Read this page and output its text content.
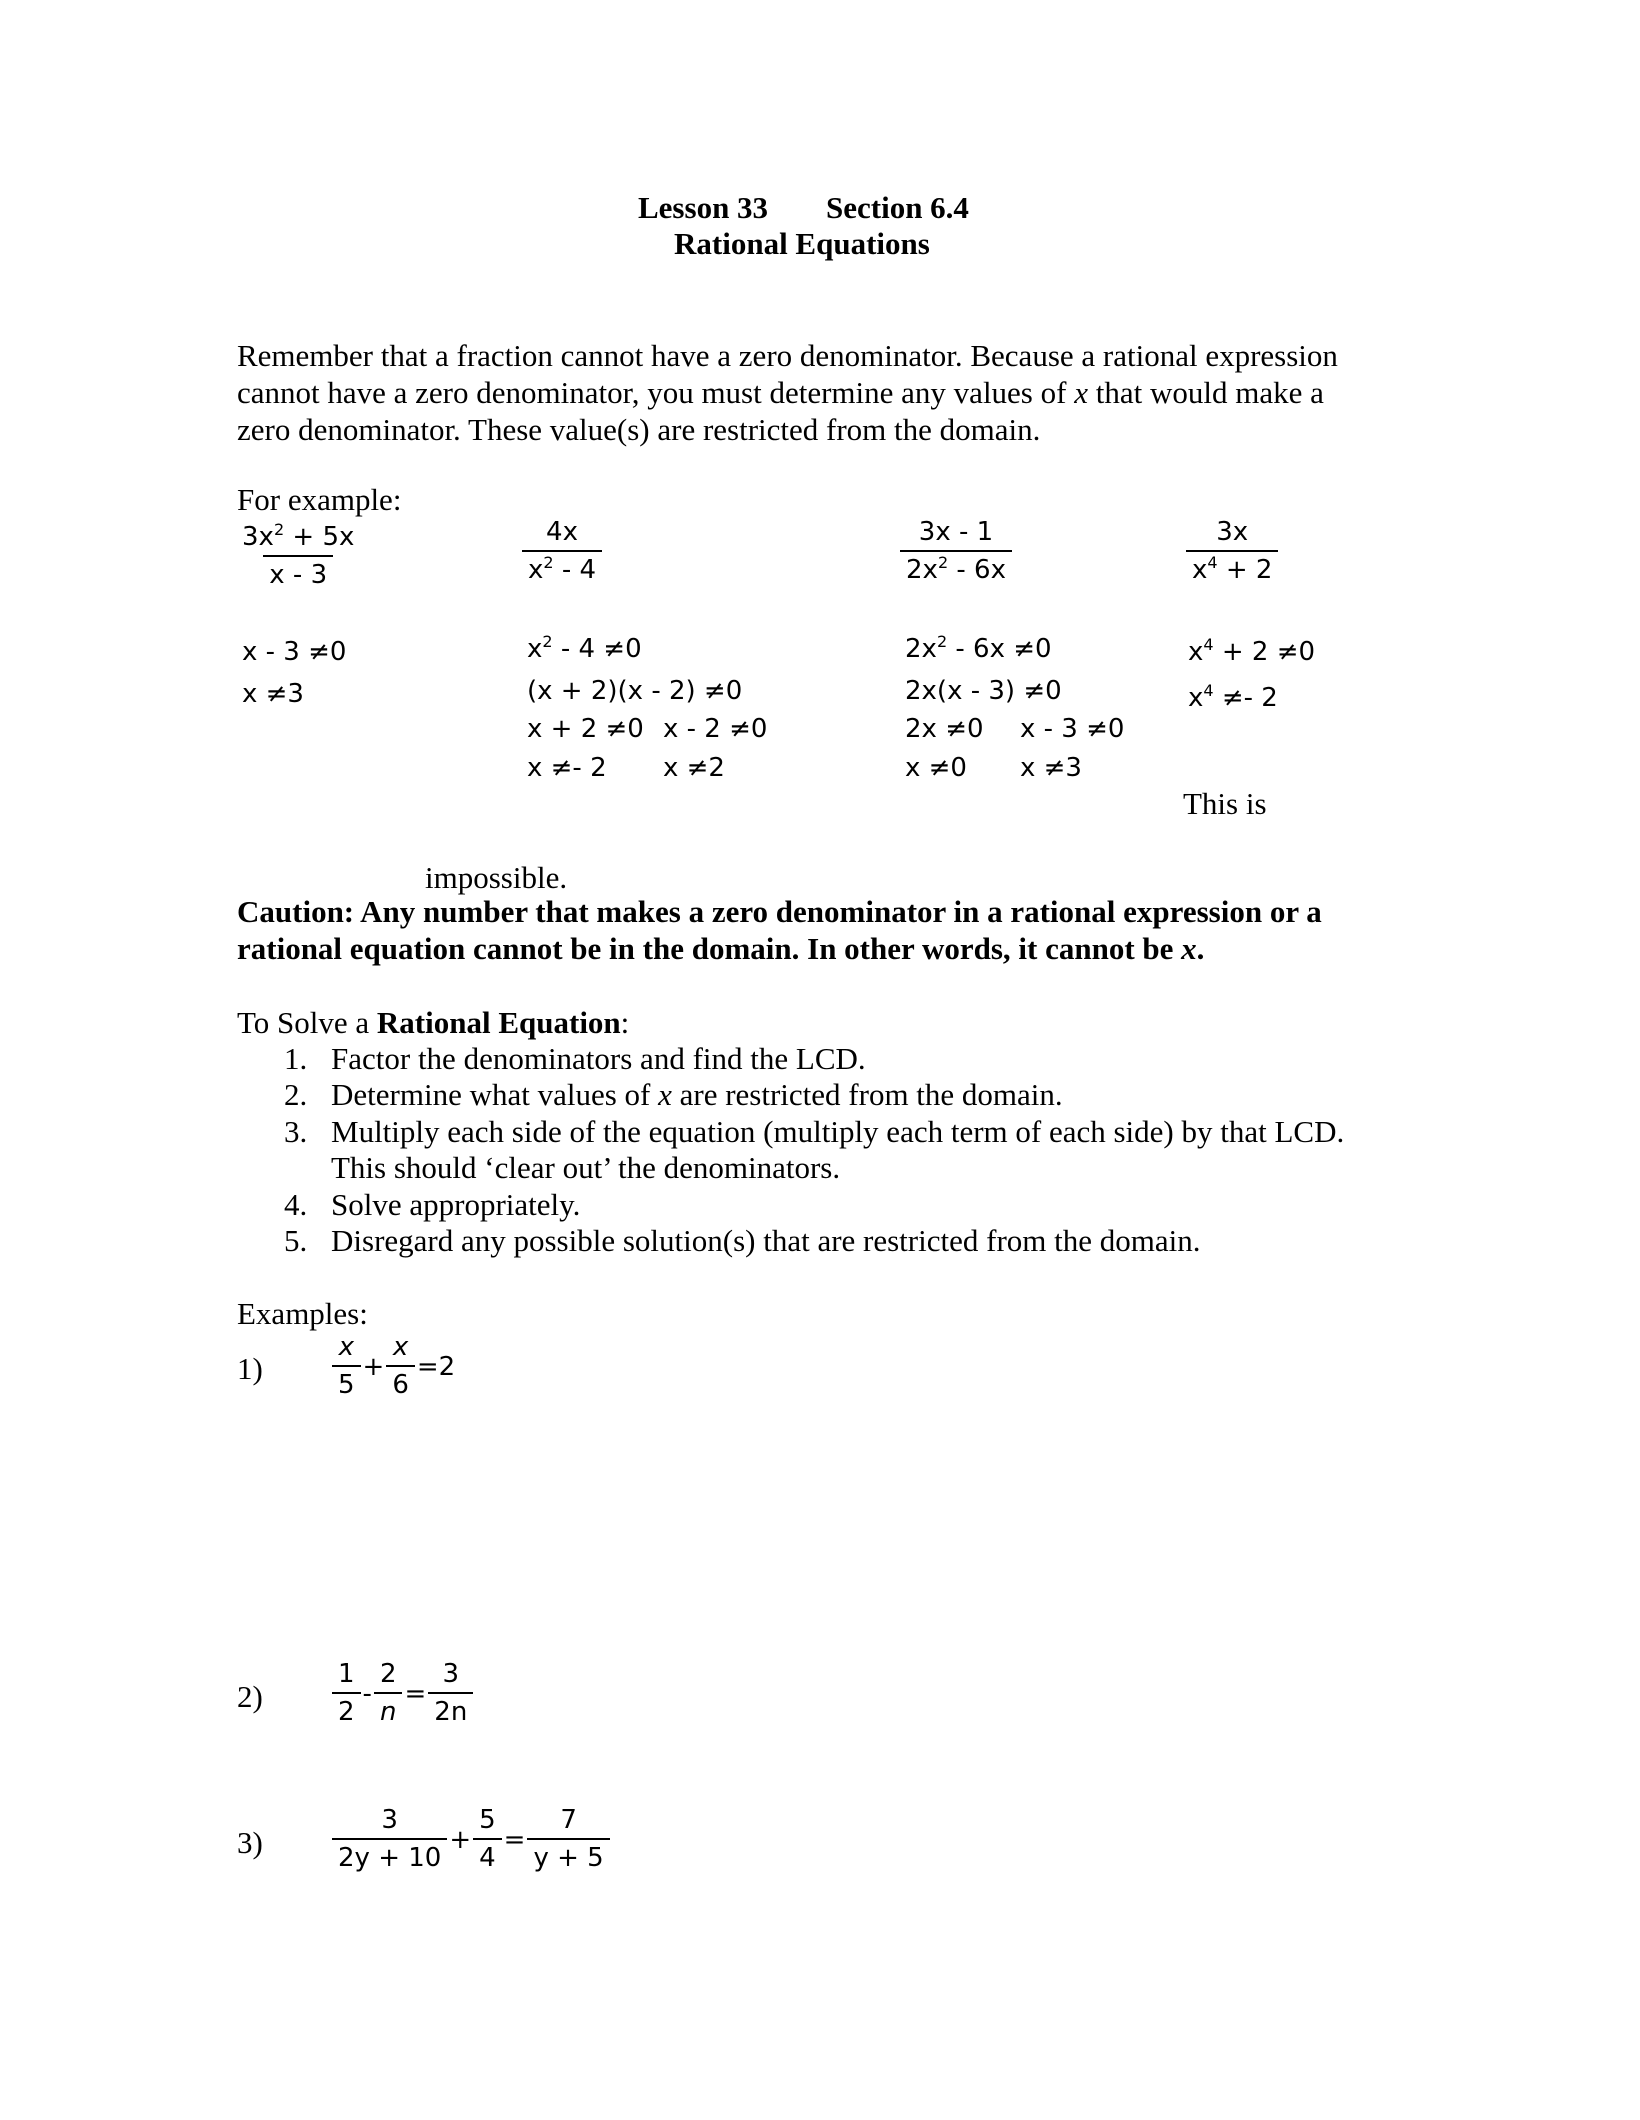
Lesson 33 Section 6.4
Rational Equations
Remember that a fraction cannot have a zero denominator. Because a rational expression
cannot have a zero denominator, you must determine any values of x that would make a
zero denominator. These value(s) are restricted from the domain.
For example:
$\frac{3x^2 + 5x}{x - 3}$
x - 3 ≠0
x ≠3
$\frac{4x}{x^2 - 4}$
$x^2 - 4 \ne 0$
(x + 2)(x - 2) ≠0
x + 2 ≠0 x - 2 ≠0
x ≠- 2 x ≠2
$\frac{3x - 1}{2x^2 - 6x}$
$2x^2 - 6x \ne 0$
2x(x - 3) ≠0
2x ≠0 x - 3 ≠0
x ≠0 x ≠3
$\frac{3x}{x^4 + 2}$
$x^4 + 2 \ne 0$
$x^4 \ne- 2$
This is
impossible.
Caution: Any number that makes a zero denominator in a rational expression or a
rational equation cannot be in the domain. In other words, it cannot be x.
To Solve a Rational Equation:
1. Factor the denominators and find the LCD.
2. Determine what values of x are restricted from the domain.
3. Multiply each side of the equation (multiply each term of each side) by that LCD.
This should ‘clear out’ the denominators.
4. Solve appropriately.
5. Disregard any possible solution(s) that are restricted from the domain.
Examples:
1)	$\frac{x}{5} + \frac{x}{6} =2$
2)	$\frac{1}{2} - \frac{2}{n} = \frac{3}{2n}$
3)	$\frac{3}{2y + 10} + \frac{5}{4} = \frac{7}{y + 5}$
